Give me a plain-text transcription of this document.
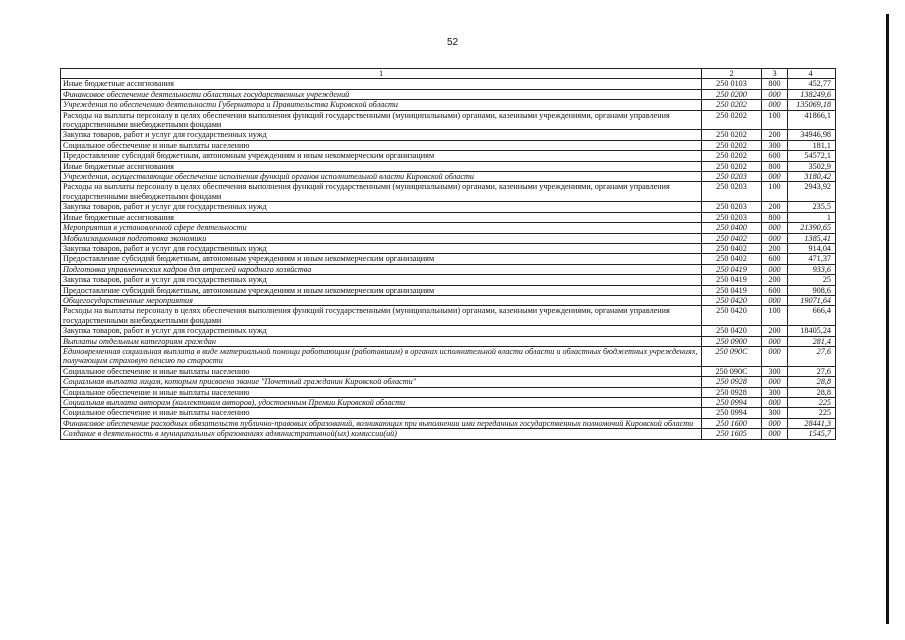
52
1	2	3	4
Иные бюджетные ассигнования	250 0103	800	452,77
Финансовое обеспечение деятельности областных государственных учреждений	250 0200	000	138249,6
Учреждения по обеспечению деятельности Губернатора и Правительства Кировской области	250 0202	000	135069,18
Расходы на выплаты персоналу в целях обеспечения выполнения функций государственными (муниципальными) органами, казенными учреждениями, органами управления государственными внебюджетными фондами	250 0202	100	41866,1
Закупка товаров, работ и услуг для государственных нужд	250 0202	200	34946,98
Социальное обеспечение и иные выплаты населению	250 0202	300	181,1
Предоставление субсидий бюджетным, автономным учреждениям и иным некоммерческим организациям	250 0202	600	54572,1
Иные бюджетные ассигнования	250 0202	800	3502,9
Учреждения, осуществляющие обеспечение исполнения функций органов исполнительной власти Кировской области	250 0203	000	3180,42
Расходы на выплаты персоналу в целях обеспечения выполнения функций государственными (муниципальными) органами, казенными учреждениями, органами управления государственными внебюджетными фондами	250 0203	100	2943,92
Закупка товаров, работ и услуг для государственных нужд	250 0203	200	235,5
Иные бюджетные ассигнования	250 0203	800	1
Мероприятия в установленной сфере деятельности	250 0400	000	21390,65
Мобилизационная подготовка экономики	250 0402	000	1385,41
Закупка товаров, работ и услуг для государственных нужд	250 0402	200	914,04
Предоставление субсидий бюджетным, автономным учреждениям и иным некоммерческим организациям	250 0402	600	471,37
Подготовка управленческих кадров для отраслей народного хозяйства	250 0419	000	933,6
Закупка товаров, работ и услуг для государственных нужд	250 0419	200	25
Предоставление субсидий бюджетным, автономным учреждениям и иным некоммерческим организациям	250 0419	600	908,6
Общегосударственные мероприятия	250 0420	000	19071,64
Расходы на выплаты персоналу в целях обеспечения выполнения функций государственными (муниципальными) органами, казенными учреждениями, органами управления государственными внебюджетными фондами	250 0420	100	666,4
Закупка товаров, работ и услуг для государственных нужд	250 0420	200	18405,24
Выплаты отдельным категориям граждан	250 0900	000	281,4
Единовременная социальная выплата в виде материальной помощи работающим (работавшим) в органах исполнительной власти области и областных бюджетных учреждениях, получающим страховую пенсию по старости	250 090С	000	27,6
Социальное обеспечение и иные выплаты населению	250 090С	300	27,6
Социальная выплата лицам, которым присвоено звание "Почетный гражданин Кировской области"	250 0928	000	28,8
Социальное обеспечение и иные выплаты населению	250 0928	300	28,8
Социальная выплата авторам (коллективам авторов), удостоенным Премии Кировской области	250 0994	000	225
Социальное обеспечение и иные выплаты населению	250 0994	300	225
Финансовое обеспечение расходных обязательств публично-правовых образований, возникающих при выполнении ими переданных государственных полномочий Кировской области	250 1600	000	28441,3
Создание в деятельность в муниципальных образованиях административной(ых) комиссии(ий)	250 1605	000	1545,7
